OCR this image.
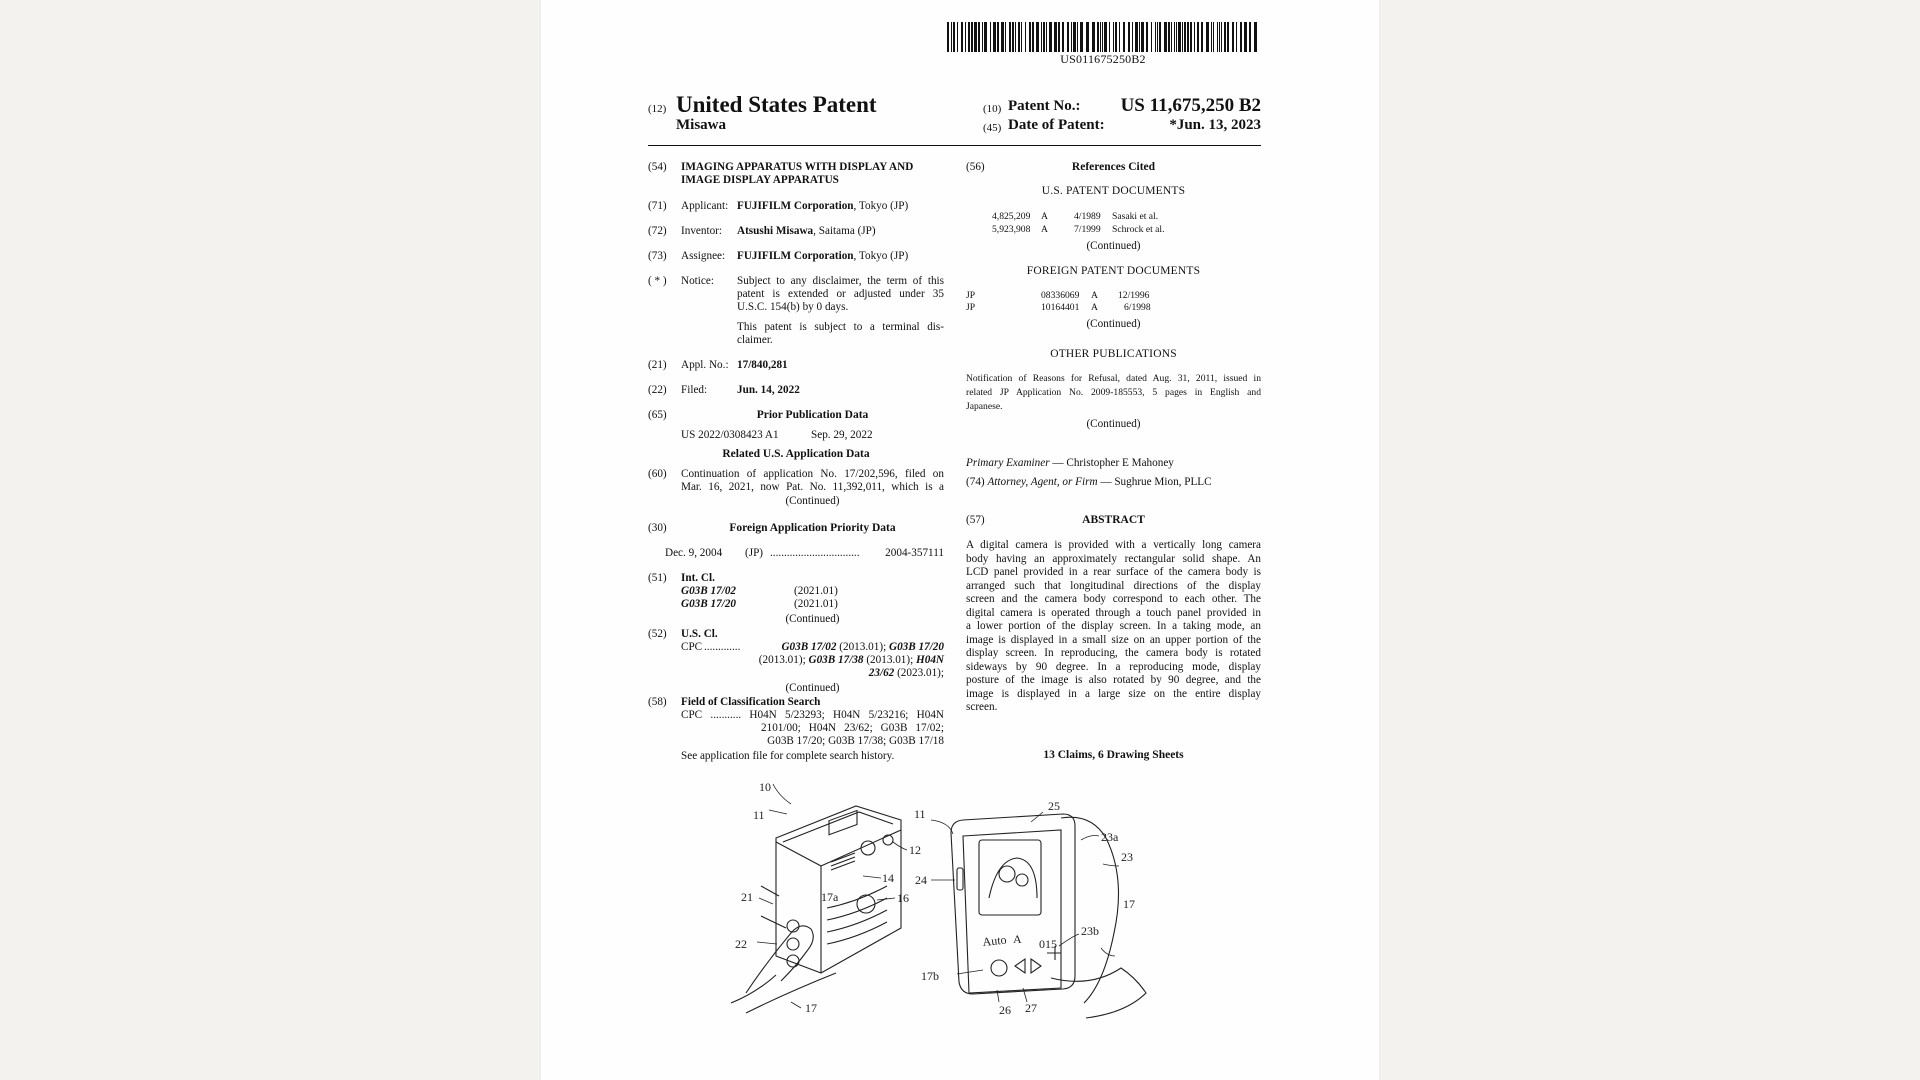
US011675250B2
(12) United States Patent
Misawa
(10) Patent No.: US 11,675,250 B2
(45) Date of Patent:	*Jun. 13, 2023
(54) IMAGING APPARATUS WITH DISPLAY AND
IMAGE DISPLAY APPARATUS
(71) Applicant: FUJIFILM Corporation, Tokyo (JP)
(72) Inventor: Atsushi Misawa, Saitama (JP)
(73) Assignee: FUJIFILM Corporation, Tokyo (JP)
( * ) Notice: Subject to any disclaimer, the term of this
patent is extended or adjusted under 35
U.S.C. 154(b) by 0 days.
This patent is subject to a terminal dis-
claimer.
(21) Appl. No.: 17/840,281
(22) Filed:	Jun. 14, 2022
(65)	Prior Publication Data
US 2022/0308423 A1	Sep. 29, 2022
Related U.S. Application Data
(60) Continuation of application No. 17/202,596, filed on
Mar. 16, 2021, now Pat. No. 11,392,011, which is a
(Continued)
(30)	Foreign Application Priority Data
Dec. 9, 2004 (JP) ................................	2004-357111
(51) Int. Cl.
G03B 17/02	(2021.01)
G03B 17/20	(2021.01)
(Continued)
(52) U.S. Cl.
CPC .............	G03B 17/02 (2013.01); G03B 17/20
(2013.01); G03B 17/38 (2013.01); H04N
23/62 (2023.01);
(Continued)
(58) Field of Classification Search
CPC ........... H04N 5/23293; H04N 5/23216; H04N
2101/00; H04N 23/62; G03B 17/02;
G03B 17/20; G03B 17/38; G03B 17/18
See application file for complete search history.
(56)	References Cited
U.S. PATENT DOCUMENTS
4,825,209 A	4/1989 Sasaki et al.
5,923,908 A	7/1999 Schrock et al.
(Continued)
FOREIGN PATENT DOCUMENTS
JP	08336069 A 12/1996
JP	10164401 A	6/1998
(Continued)
OTHER PUBLICATIONS
Notification of Reasons for Refusal, dated Aug. 31, 2011, issued in
related JP Application No. 2009-185553, 5 pages in English and
Japanese.
(Continued)
Primary Examiner — Christopher E Mahoney
(74) Attorney, Agent, or Firm — Sughrue Mion, PLLC
(57)	ABSTRACT
A digital camera is provided with a vertically long camera
body having an approximately rectangular solid shape. An
LCD panel provided in a rear surface of the camera body is
arranged such that longitudinal directions of the display
screen and the camera body correspond to each other. The
digital camera is operated through a touch panel provided in
a lower portion of the display screen. In a taking mode, an
image is displayed in a small size on an upper portion of the
display screen. In reproducing, the camera body is rotated
sideways by 90 degree. In a reproducing mode, display
posture of the image is also rotated by 90 degree, and the
image is displayed in a large size on the entire display
screen.
13 Claims, 6 Drawing Sheets
10
11
12
14
16
17a
21
22
17
11
25
23a
23
24
23b
17
17b
26 27
Auto A 015
